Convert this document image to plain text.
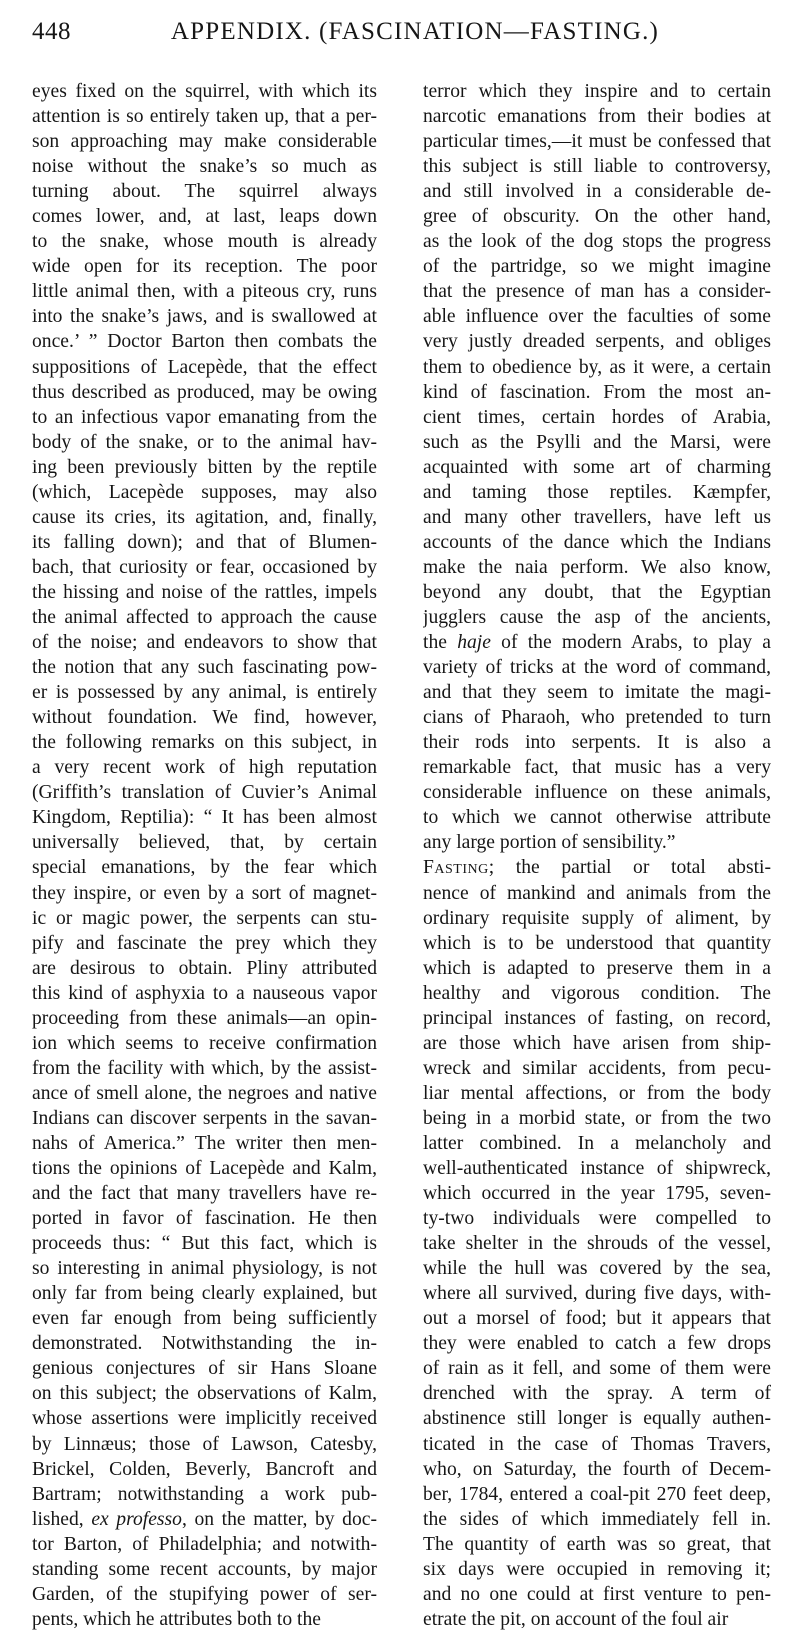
448	APPENDIX. (FASCINATION—FASTING.)
eyes fixed on the squirrel, with which its
attention is so entirely taken up, that a per-
son approaching may make considerable
noise without the snake’s so much as
turning about. The squirrel always
comes lower, and, at last, leaps down
to the snake, whose mouth is already
wide open for its reception. The poor
little animal then, with a piteous cry, runs
into the snake’s jaws, and is swallowed at
once.’ ” Doctor Barton then combats the
suppositions of Lacepède, that the effect
thus described as produced, may be owing
to an infectious vapor emanating from the
body of the snake, or to the animal hav-
ing been previously bitten by the reptile
(which, Lacepède supposes, may also
cause its cries, its agitation, and, finally,
its falling down); and that of Blumen-
bach, that curiosity or fear, occasioned by
the hissing and noise of the rattles, impels
the animal affected to approach the cause
of the noise; and endeavors to show that
the notion that any such fascinating pow-
er is possessed by any animal, is entirely
without foundation. We find, however,
the following remarks on this subject, in
a very recent work of high reputation
(Griffith’s translation of Cuvier’s Animal
Kingdom, Reptilia): “ It has been almost
universally believed, that, by certain
special emanations, by the fear which
they inspire, or even by a sort of magnet-
ic or magic power, the serpents can stu-
pify and fascinate the prey which they
are desirous to obtain. Pliny attributed
this kind of asphyxia to a nauseous vapor
proceeding from these animals—an opin-
ion which seems to receive confirmation
from the facility with which, by the assist-
ance of smell alone, the negroes and native
Indians can discover serpents in the savan-
nahs of America.” The writer then men-
tions the opinions of Lacepède and Kalm,
and the fact that many travellers have re-
ported in favor of fascination. He then
proceeds thus: “ But this fact, which is
so interesting in animal physiology, is not
only far from being clearly explained, but
even far enough from being sufficiently
demonstrated. Notwithstanding the in-
genious conjectures of sir Hans Sloane
on this subject; the observations of Kalm,
whose assertions were implicitly received
by Linnæus; those of Lawson, Catesby,
Brickel, Colden, Beverly, Bancroft and
Bartram; notwithstanding a work pub-
lished, ex professo, on the matter, by doc-
tor Barton, of Philadelphia; and notwith-
standing some recent accounts, by major
Garden, of the stupifying power of ser-
pents, which he attributes both to the
terror which they inspire and to certain
narcotic emanations from their bodies at
particular times,—it must be confessed that
this subject is still liable to controversy,
and still involved in a considerable de-
gree of obscurity. On the other hand,
as the look of the dog stops the progress
of the partridge, so we might imagine
that the presence of man has a consider-
able influence over the faculties of some
very justly dreaded serpents, and obliges
them to obedience by, as it were, a certain
kind of fascination. From the most an-
cient times, certain hordes of Arabia,
such as the Psylli and the Marsi, were
acquainted with some art of charming
and taming those reptiles. Kæmpfer,
and many other travellers, have left us
accounts of the dance which the Indians
make the naia perform. We also know,
beyond any doubt, that the Egyptian
jugglers cause the asp of the ancients,
the haje of the modern Arabs, to play a
variety of tricks at the word of command,
and that they seem to imitate the magi-
cians of Pharaoh, who pretended to turn
their rods into serpents. It is also a
remarkable fact, that music has a very
considerable influence on these animals,
to which we cannot otherwise attribute
any large portion of sensibility.”
Fasting; the partial or total absti-
nence of mankind and animals from the
ordinary requisite supply of aliment, by
which is to be understood that quantity
which is adapted to preserve them in a
healthy and vigorous condition. The
principal instances of fasting, on record,
are those which have arisen from ship-
wreck and similar accidents, from pecu-
liar mental affections, or from the body
being in a morbid state, or from the two
latter combined. In a melancholy and
well-authenticated instance of shipwreck,
which occurred in the year 1795, seven-
ty-two individuals were compelled to
take shelter in the shrouds of the vessel,
while the hull was covered by the sea,
where all survived, during five days, with-
out a morsel of food; but it appears that
they were enabled to catch a few drops
of rain as it fell, and some of them were
drenched with the spray. A term of
abstinence still longer is equally authen-
ticated in the case of Thomas Travers,
who, on Saturday, the fourth of Decem-
ber, 1784, entered a coal-pit 270 feet deep,
the sides of which immediately fell in.
The quantity of earth was so great, that
six days were occupied in removing it;
and no one could at first venture to pen-
etrate the pit, on account of the foul air
